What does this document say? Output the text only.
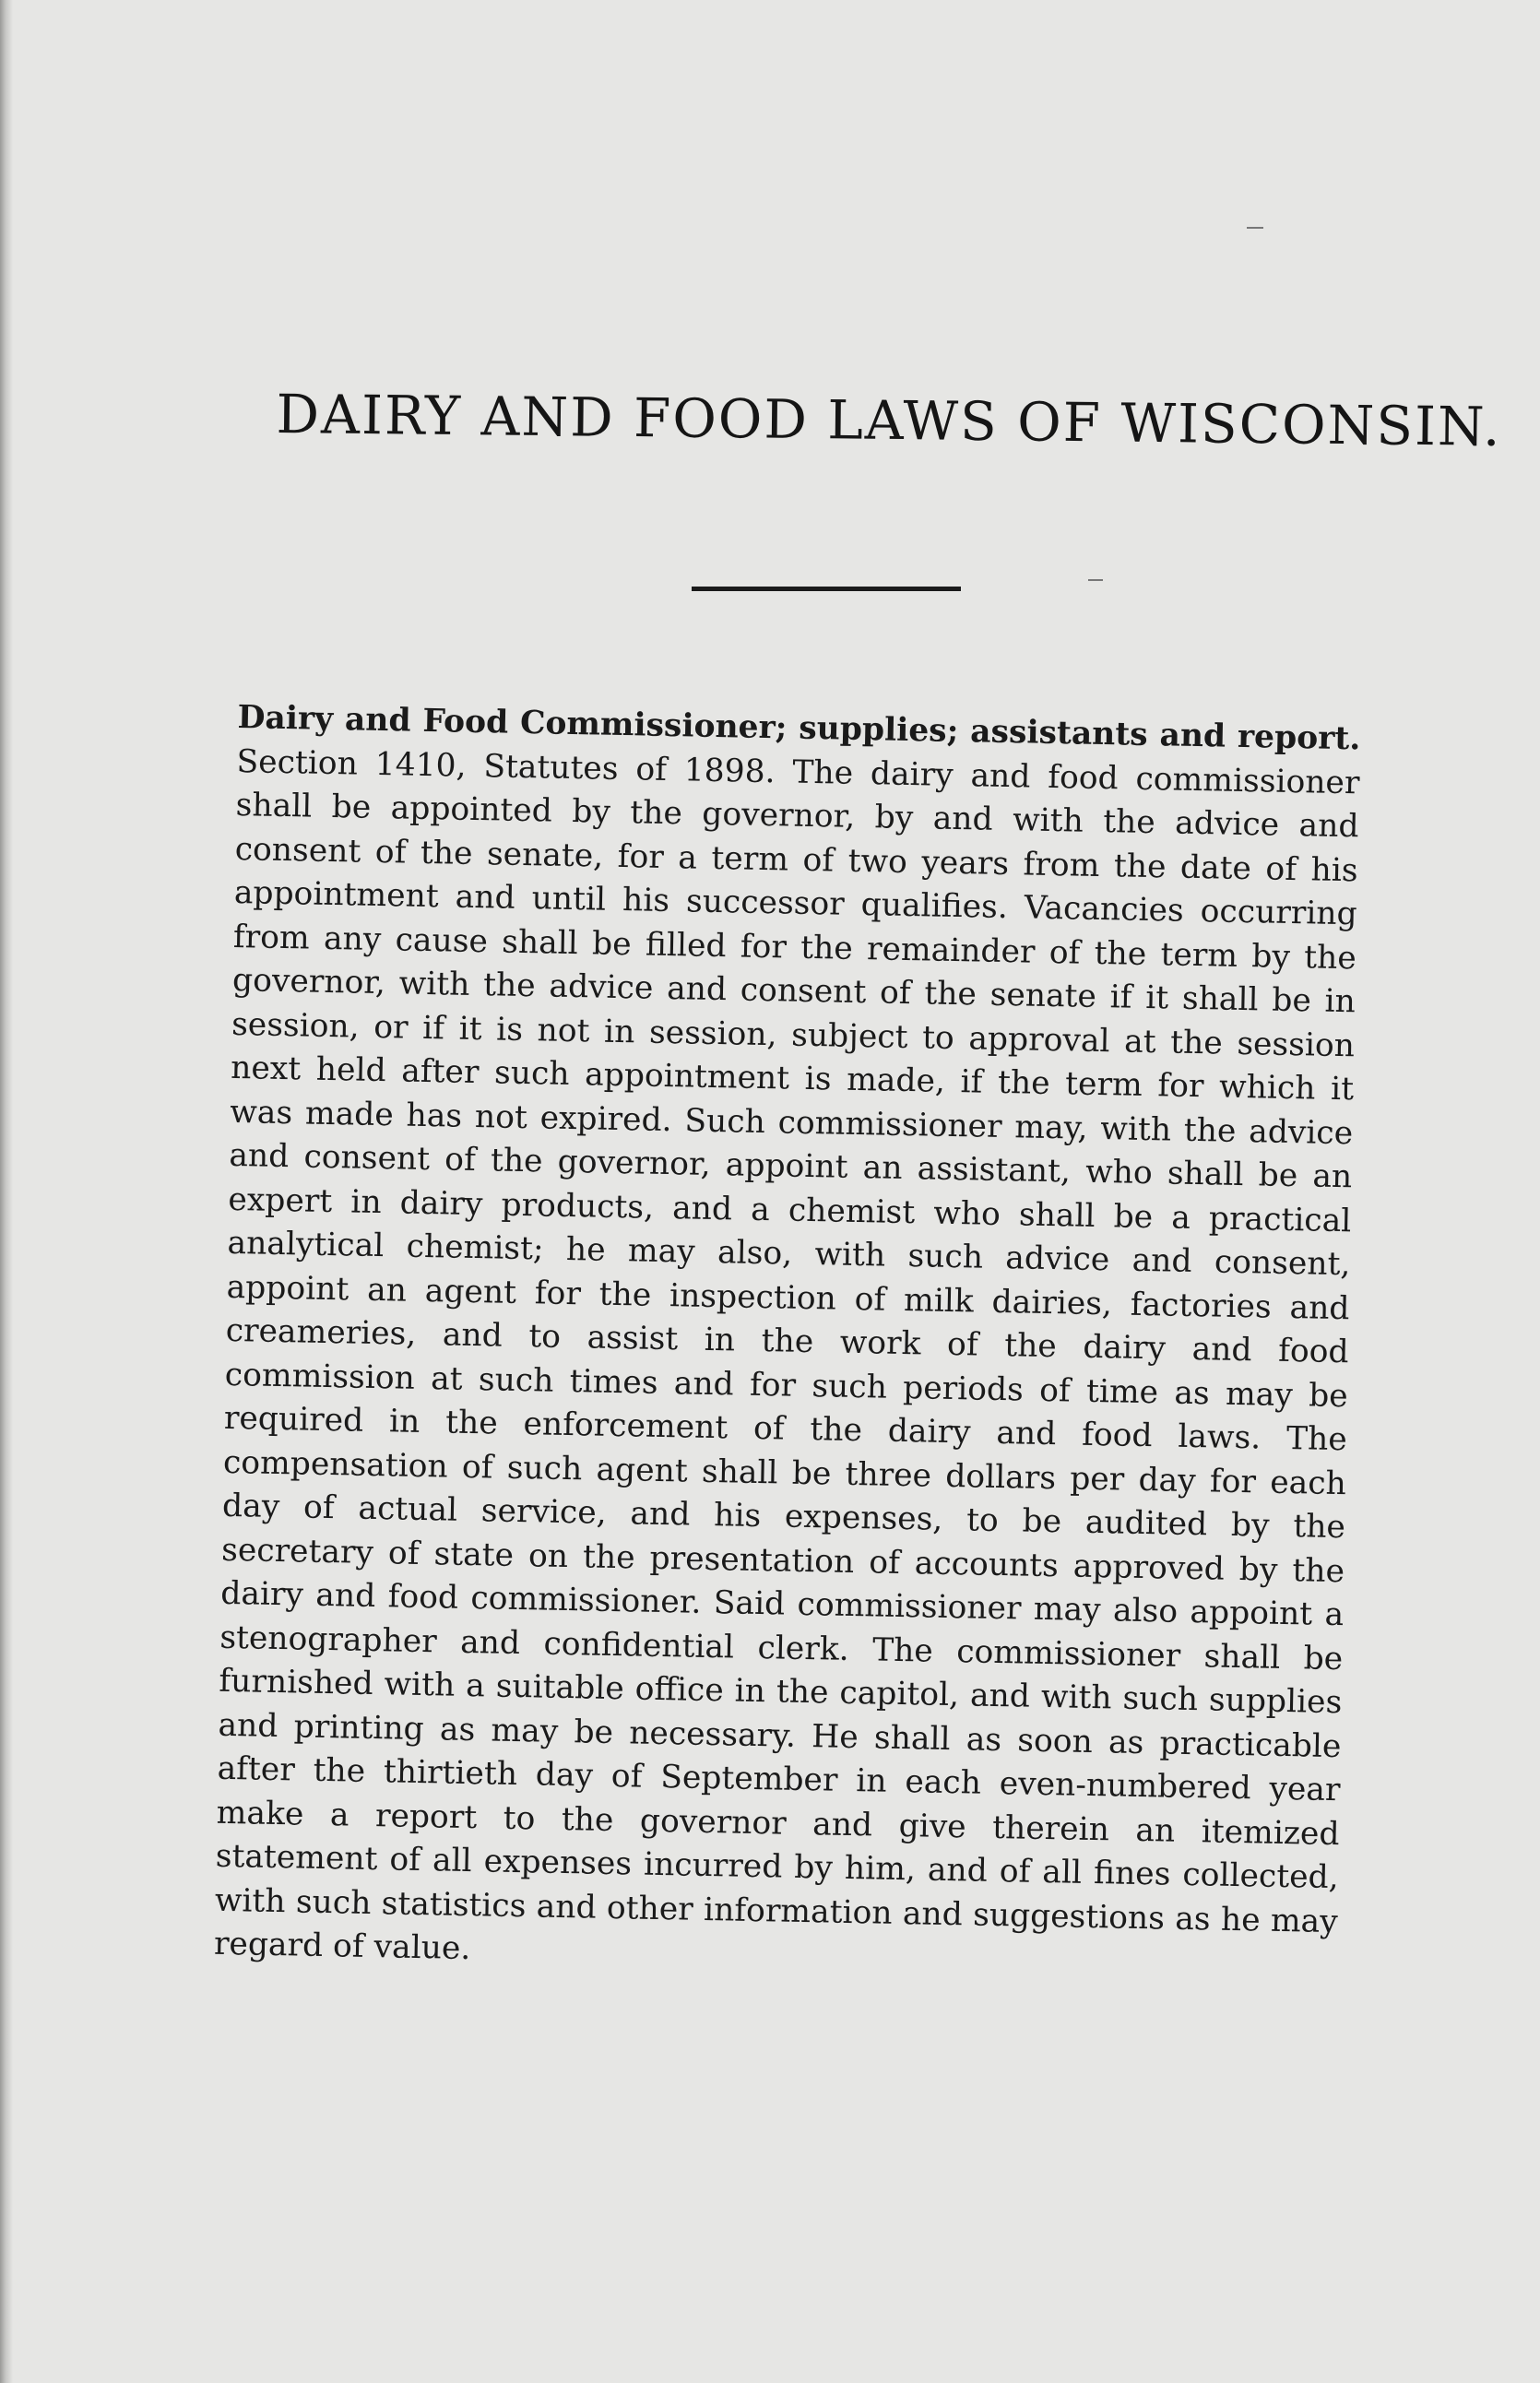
DAIRY AND FOOD LAWS OF WISCONSIN.

Dairy and Food Commissioner; supplies; assistants and report. Section 1410, Statutes of 1898. The dairy and food commissioner shall be appointed by the governor, by and with the advice and consent of the senate, for a term of two years from the date of his appointment and until his successor qualifies. Vacancies occurring from any cause shall be filled for the remainder of the term by the governor, with the advice and consent of the senate if it shall be in session, or if it is not in session, subject to approval at the session next held after such appointment is made, if the term for which it was made has not expired. Such commissioner may, with the advice and consent of the governor, appoint an assistant, who shall be an expert in dairy products, and a chemist who shall be a practical analytical chemist; he may also, with such advice and consent, appoint an agent for the inspection of milk dairies, factories and creameries, and to assist in the work of the dairy and food commission at such times and for such periods of time as may be required in the enforcement of the dairy and food laws. The compensation of such agent shall be three dollars per day for each day of actual service, and his expenses, to be audited by the secretary of state on the presentation of accounts approved by the dairy and food commissioner. Said commissioner may also appoint a stenographer and confidential clerk. The commissioner shall be furnished with a suitable office in the capitol, and with such supplies and printing as may be necessary. He shall as soon as practicable after the thirtieth day of September in each even-numbered year make a report to the governor and give therein an itemized statement of all expenses incurred by him, and of all fines collected, with such statistics and other information and suggestions as he may regard of value.
